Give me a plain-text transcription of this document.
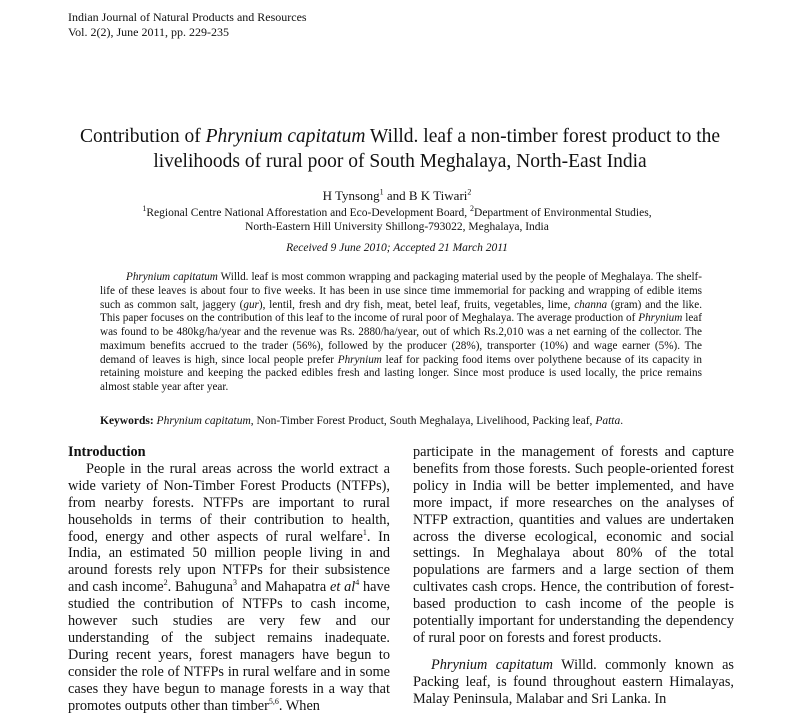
Indian Journal of Natural Products and Resources
Vol. 2(2), June 2011, pp. 229-235
Contribution of Phrynium capitatum Willd. leaf a non-timber forest product to the livelihoods of rural poor of South Meghalaya, North-East India
H Tynsong$^1$ and B K Tiwari$^2$
$^1$Regional Centre National Afforestation and Eco-Development Board, $^2$Department of Environmental Studies,
North-Eastern Hill University Shillong-793022, Meghalaya, India
Received 9 June 2010; Accepted 21 March 2011
Phrynium capitatum Willd. leaf is most common wrapping and packaging material used by the people of Meghalaya. The shelf-life of these leaves is about four to five weeks. It has been in use since time immemorial for packing and wrapping of edible items such as common salt, jaggery (gur), lentil, fresh and dry fish, meat, betel leaf, fruits, vegetables, lime, channa (gram) and the like. This paper focuses on the contribution of this leaf to the income of rural poor of Meghalaya. The average production of Phrynium leaf was found to be 480kg/ha/year and the revenue was Rs. 2880/ha/year, out of which Rs.2,010 was a net earning of the collector. The maximum benefits accrued to the trader (56%), followed by the producer (28%), transporter (10%) and wage earner (5%). The demand of leaves is high, since local people prefer Phrynium leaf for packing food items over polythene because of its capacity in retaining moisture and keeping the packed edibles fresh and lasting longer. Since most produce is used locally, the price remains almost stable year after year.
Keywords: Phrynium capitatum, Non-Timber Forest Product, South Meghalaya, Livelihood, Packing leaf, Patta.

Introduction

People in the rural areas across the world extract a wide variety of Non-Timber Forest Products (NTFPs), from nearby forests. NTFPs are important to rural households in terms of their contribution to health, food, energy and other aspects of rural welfare$^1$. In India, an estimated 50 million people living in and around forests rely upon NTFPs for their subsistence and cash income$^2$. Bahuguna$^3$ and Mahapatra et $al^4$ have studied the contribution of NTFPs to cash income, however such studies are very few and our understanding of the subject remains inadequate. During recent years, forest managers have begun to consider the role of NTFPs in rural welfare and in some cases they have begun to manage forests in a way that promotes outputs other than timber$^{5,6}$. When

participate in the management of forests and capture benefits from those forests. Such people-oriented forest policy in India will be better implemented, and have more impact, if more researches on the analyses of NTFP extraction, quantities and values are undertaken across the diverse ecological, economic and social settings. In Meghalaya about 80% of the total populations are farmers and a large section of them cultivates cash crops. Hence, the contribution of forest-based production to cash income of the people is potentially important for understanding the dependency of rural poor on forests and forest products.

Phrynium capitatum Willd. commonly known as Packing leaf, is found throughout eastern Himalayas, Malay Peninsula, Malabar and Sri Lanka. In
